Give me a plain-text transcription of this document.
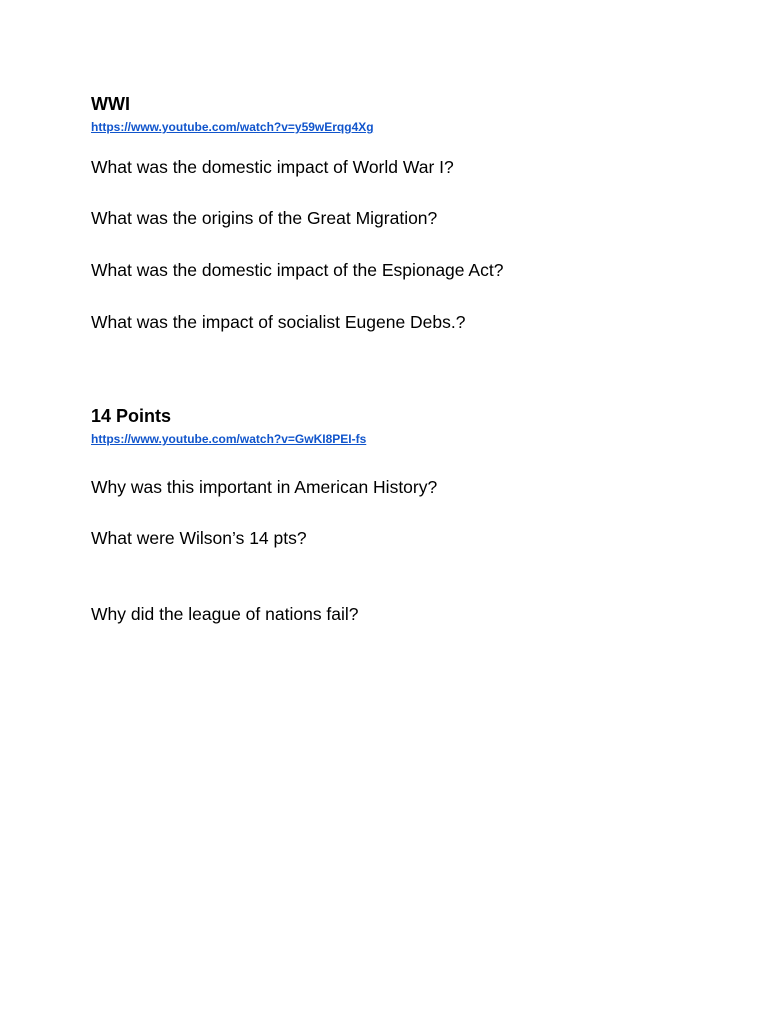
WWI
https://www.youtube.com/watch?v=y59wErqg4Xg

What was the domestic impact of World War I?

What was the origins of the Great Migration?

What was the domestic impact of the Espionage Act?

What was the impact of socialist Eugene Debs.?

14 Points
https://www.youtube.com/watch?v=GwKI8PEI-fs

Why was this important in American History?

What were Wilson’s 14 pts?

Why did the league of nations fail?
